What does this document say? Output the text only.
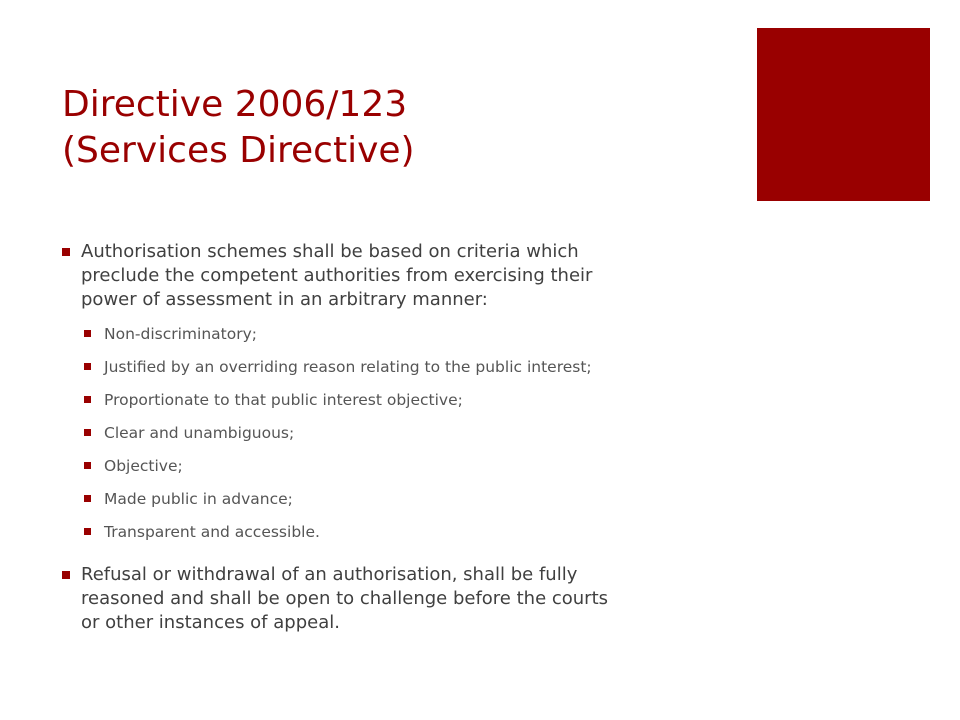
Directive 2006/123
(Services Directive)
Authorisation schemes shall be based on criteria which
preclude the competent authorities from exercising their
power of assessment in an arbitrary manner:
Non-discriminatory;
Justified by an overriding reason relating to the public interest;
Proportionate to that public interest objective;
Clear and unambiguous;
Objective;
Made public in advance;
Transparent and accessible.
Refusal or withdrawal of an authorisation, shall be fully
reasoned and shall be open to challenge before the courts
or other instances of appeal.
